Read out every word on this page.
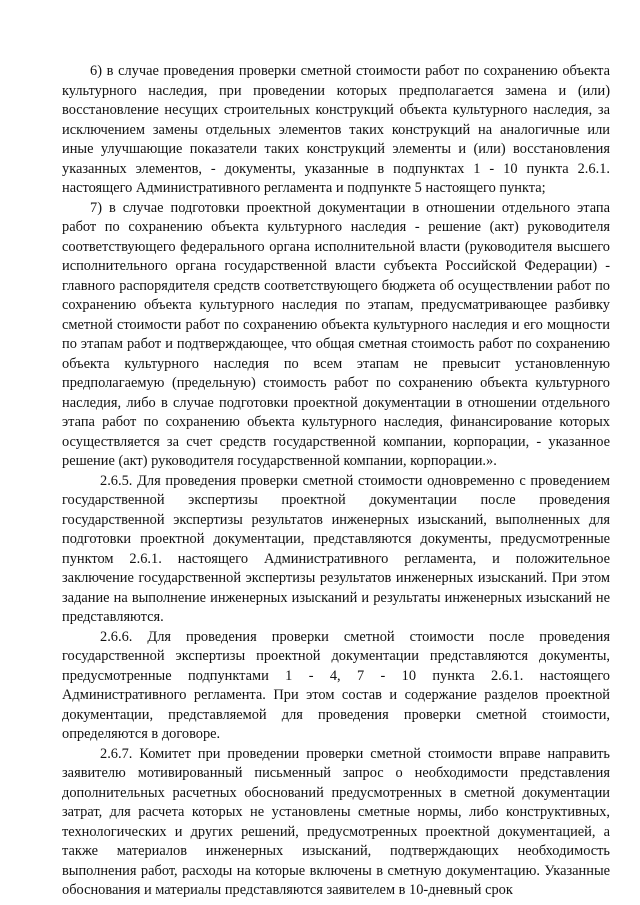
6) в случае проведения проверки сметной стоимости работ по сохранению объекта культурного наследия, при проведении которых предполагается замена и (или) восстановление несущих строительных конструкций объекта культурного наследия, за исключением замены отдельных элементов таких конструкций на аналогичные или иные улучшающие показатели таких конструкций элементы и (или) восстановления указанных элементов, - документы, указанные в подпунктах 1 - 10 пункта 2.6.1. настоящего Административного регламента и подпункте 5 настоящего пункта;

7) в случае подготовки проектной документации в отношении отдельного этапа работ по сохранению объекта культурного наследия - решение (акт) руководителя соответствующего федерального органа исполнительной власти (руководителя высшего исполнительного органа государственной власти субъекта Российской Федерации) - главного распорядителя средств соответствующего бюджета об осуществлении работ по сохранению объекта культурного наследия по этапам, предусматривающее разбивку сметной стоимости работ по сохранению объекта культурного наследия и его мощности по этапам работ и подтверждающее, что общая сметная стоимость работ по сохранению объекта культурного наследия по всем этапам не превысит установленную предполагаемую (предельную) стоимость работ по сохранению объекта культурного наследия, либо в случае подготовки проектной документации в отношении отдельного этапа работ по сохранению объекта культурного наследия, финансирование которых осуществляется за счет средств государственной компании, корпорации, - указанное решение (акт) руководителя государственной компании, корпорации.».

2.6.5. Для проведения проверки сметной стоимости одновременно с проведением государственной экспертизы проектной документации после проведения государственной экспертизы результатов инженерных изысканий, выполненных для подготовки проектной документации, представляются документы, предусмотренные пунктом 2.6.1. настоящего Административного регламента, и положительное заключение государственной экспертизы результатов инженерных изысканий. При этом задание на выполнение инженерных изысканий и результаты инженерных изысканий не представляются.

2.6.6. Для проведения проверки сметной стоимости после проведения государственной экспертизы проектной документации представляются документы, предусмотренные подпунктами 1 - 4, 7 - 10 пункта 2.6.1. настоящего Административного регламента. При этом состав и содержание разделов проектной документации, представляемой для проведения проверки сметной стоимости, определяются в договоре.

2.6.7. Комитет при проведении проверки сметной стоимости вправе направить заявителю мотивированный письменный запрос о необходимости представления дополнительных расчетных обоснований предусмотренных в сметной документации затрат, для расчета которых не установлены сметные нормы, либо конструктивных, технологических и других решений, предусмотренных проектной документацией, а также материалов инженерных изысканий, подтверждающих необходимость выполнения работ, расходы на которые включены в сметную документацию. Указанные обоснования и материалы представляются заявителем в 10-дневный срок
